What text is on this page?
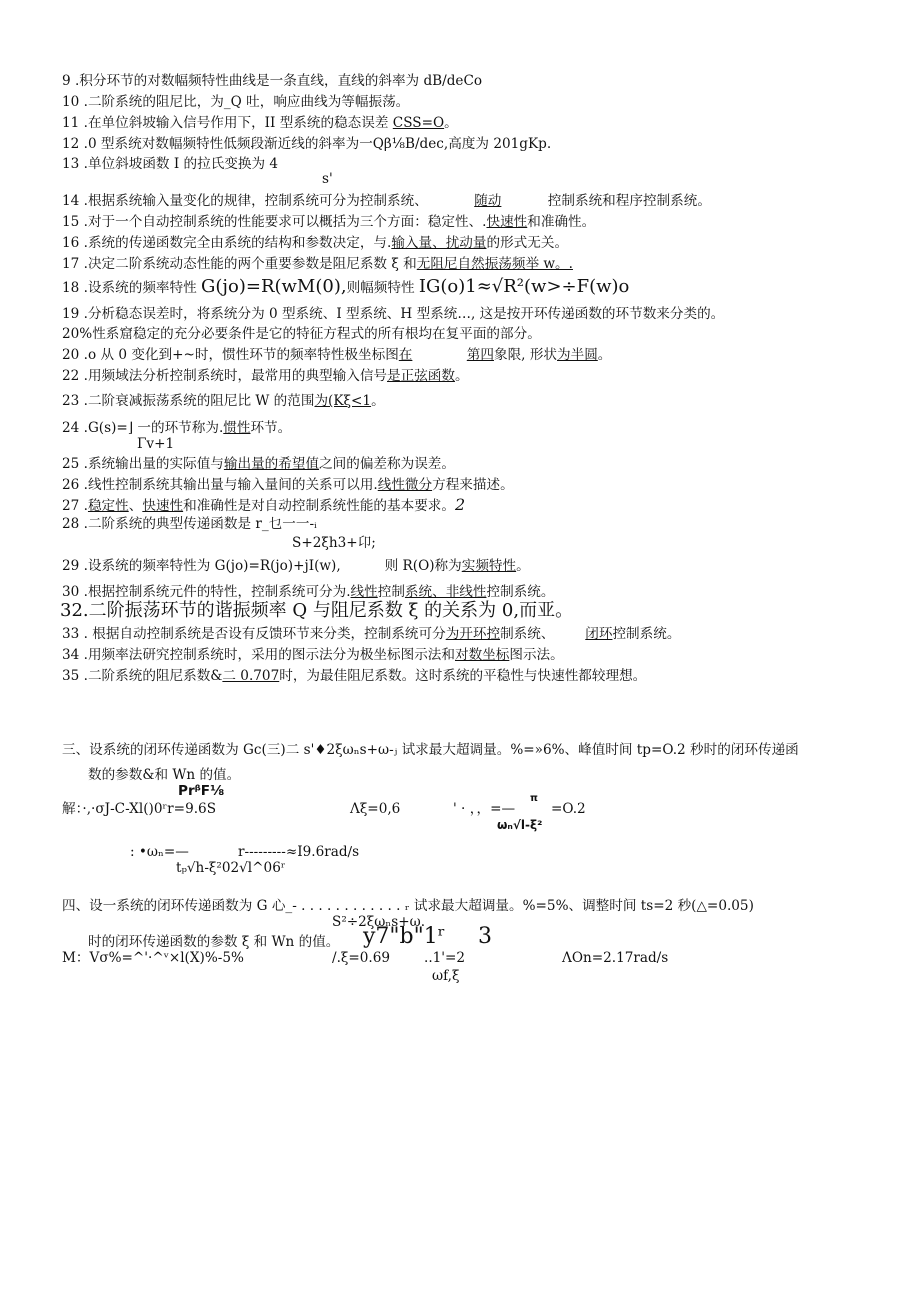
9 .积分环节的对数幅频特性曲线是一条直线，直线的斜率为 dB/deCo
10 .二阶系统的阻尼比，为_Q 吐，响应曲线为等幅振荡。
11 .在单位斜坡输入信号作用下，II 型系统的稳态误差 CSS=O。
12 .0 型系统对数幅频特性低频段渐近线的斜率为一Qβ⅛B/dec,高度为 201gKp.
13 .单位斜坡函数 I 的拉氏变换为 4
s'
14 .根据系统输入量变化的规律，控制系统可分为控制系统、	随动	控制系统和程序控制系统。
15 .对于一个自动控制系统的性能要求可以概括为三个方面：稳定性、.快速性和准确性。
16 .系统的传递函数完全由系统的结构和参数决定，与.输入量、扰动量的形式无关。
17 .决定二阶系统动态性能的两个重要参数是阻尼系数 ξ 和无阻尼自然振荡频举 w。.
18 .设系统的频率特性 G(jo)=R(wM(0),则幅频特性 IG(o)1≈√R²(w>÷F(w)o
19 .分析稳态误差时，将系统分为 0 型系统、I 型系统、H 型系统…, 这是按开环传递函数的环节数来分类的。
20%性系窟稳定的充分必要条件是它的特征方程式的所有根均在复平面的部分。
20 .o 从 0 变化到+~时，惯性环节的频率特性极坐标图在	第四象限, 形状为半圆。
22 .用频域法分析控制系统时，最常用的典型输入信号是正弦函数。
23 .二阶衰减振荡系统的阻尼比 W 的范围为(Kξ<1。
24 .G(s)=⌋ 一的环节称为.惯性环节。
Γv+1
25 .系统输出量的实际值与输出量的希望值之间的偏差称为误差。
26 .线性控制系统其输出量与输入量间的关系可以用.线性微分方程来描述。
27 .稳定性、快速性和准确性是对自动控制系统性能的基本要求。2
28 .二阶系统的典型传递函数是 r_乜一一-ᵢ
S+2ξh3+卬;
29 .设系统的频率特性为 G(jo)=R(jo)+jI(w),	则 R(O)称为实频特性。
30 .根据控制系统元件的特性，控制系统可分为.线性控制系统、非线性控制系统。
32.二阶振荡环节的谐振频率 Q 与阻尼系数 ξ 的关系为 0,而亚。
33 . 根据自动控制系统是否设有反馈环节来分类，控制系统可分为开环控制系统、 闭环控制系统。
34 .用频率法研究控制系统时，采用的图示法分为极坐标图示法和对数坐标图示法。
35 .二阶系统的阻尼系数&二 0.707时，为最佳阻尼系数。这时系统的平稳性与快速性都较理想。
三、设系统的闭环传递函数为 Gc(三)二 s'♦2ξωₙs+ω-ⱼ 试求最大超调量。%=»6%、峰值时间 tp=O.2 秒时的闭环传递函
数的参数&和 Wn 的值。
PrᵝF⅛
解：·,·σJ-C-Xl()0ʳr=9.6S	Λξ=0,6	' · ，，=—
π
=O.2
ωₙ√l-ξ²
: •ωₙ=—	r---------≈I9.6rad∕s
tₚ√h-ξ²02√l^06ʳ
四、设一系统的闭环传递函数为 G 心_- . . . . . . . . . . . . ᵣ 试求最大超调量。%=5%、调整时间 ts=2 秒(△=0.05)
S²÷2ξωₙs+ω.
时的闭环传递函数的参数 ξ 和 Wn 的值。 y7"b"1ʳ 3
M：Vσ%=^'·^ᵛ×l(X)%-5%	/.ξ=0.69 ..1'=2	ΛOn=2.17rad/s
ωf,ξ
